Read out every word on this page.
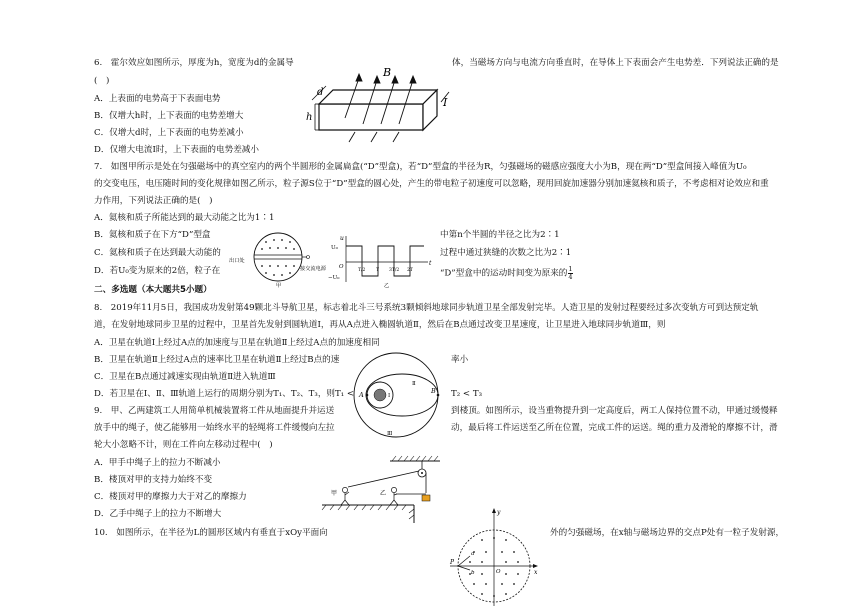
6.　霍尔效应如图所示，厚度为h，宽度为d的金属导	体，当磁场方向与电流方向垂直时，在导体上下表面会产生电势差．下列说法正确的是
(　)
A．上表面的电势高于下表面电势
B．仅增大h时，上下表面的电势差增大
C．仅增大d时，上下表面的电势差减小
D．仅增大电流I时，上下表面的电势差减小
B
d
h
I
7.　如图甲所示是处在匀强磁场中的真空室内的两个半圆形的金属扁盒(“D”型盒)，若“D”型盒的半径为R，匀强磁场的磁感应强度大小为B，现在两“D”型盒间接入峰值为U₀
的交变电压，电压随时间的变化规律如图乙所示，粒子源S位于“D”型盒的圆心处，产生的带电粒子初速度可以忽略，现用回旋加速器分别加速氦核和质子，不考虑相对论效应和重
力作用，下列说法正确的是(　)
A．氦核和质子所能达到的最大动能之比为1∶1
B．氦核和质子在下方“D”型盒	中第n个半圆的半径之比为2∶1
C．氦核和质子在达到最大动能的	过程中通过狭缝的次数之比为2∶1
D．若U₀变为原来的2倍，粒子在	“D”型盒中的运动时间变为原来的 $\frac{1}{4}$
出口处
接交流电源
甲
u
U₀
−U₀
O	t
T/2 T 3T/2 2T
乙
二、多选题（本大题共5小题）
8.　2019年11月5日，我国成功发射第49颗北斗导航卫星，标志着北斗三号系统3颗倾斜地球同步轨道卫星全部发射完毕。人造卫星的发射过程要经过多次变轨方可到达预定轨
道，在发射地球同步卫星的过程中，卫星首先发射到圆轨道Ⅰ，再从A点进入椭圆轨道Ⅱ，然后在B点通过改变卫星速度，让卫星进入地球同步轨道Ⅲ，则
A．卫星在轨道Ⅰ上经过A点的加速度与卫星在轨道Ⅱ上经过A点的加速度相同
B．卫星在轨道Ⅱ上经过A点的速率比卫星在轨道Ⅱ上经过B点的速	率小
C．卫星在B点通过减速实现由轨道Ⅱ进入轨道Ⅲ
D．若卫星在Ⅰ、Ⅱ、Ⅲ轨道上运行的周期分别为T₁、T₂、T₃，则T₁ <	T₂ < T₃
A	B
Ⅰ
Ⅱ
Ⅲ
9.　甲、乙两建筑工人用简单机械装置将工件从地面提升并运送	到楼顶。如图所示，设当重物提升到一定高度后，两工人保持位置不动，甲通过缓慢释
放手中的绳子，使乙能够用一始终水平的轻绳将工件缓慢向左拉	动，最后将工件运送至乙所在位置，完成工件的运送。绳的重力及滑轮的摩擦不计，滑
轮大小忽略不计，则在工件向左移动过程中(　)
A．甲手中绳子上的拉力不断减小
B．楼顶对甲的支持力始终不变
C．楼顶对甲的摩擦力大于对乙的摩擦力
D．乙手中绳子上的拉力不断增大
甲	乙
10.　如图所示，在半径为L的圆形区域内有垂直于xOy平面向	外的匀强磁场，在x轴与磁场边界的交点P处有一粒子发射源，
x
y
O
P
a
b
